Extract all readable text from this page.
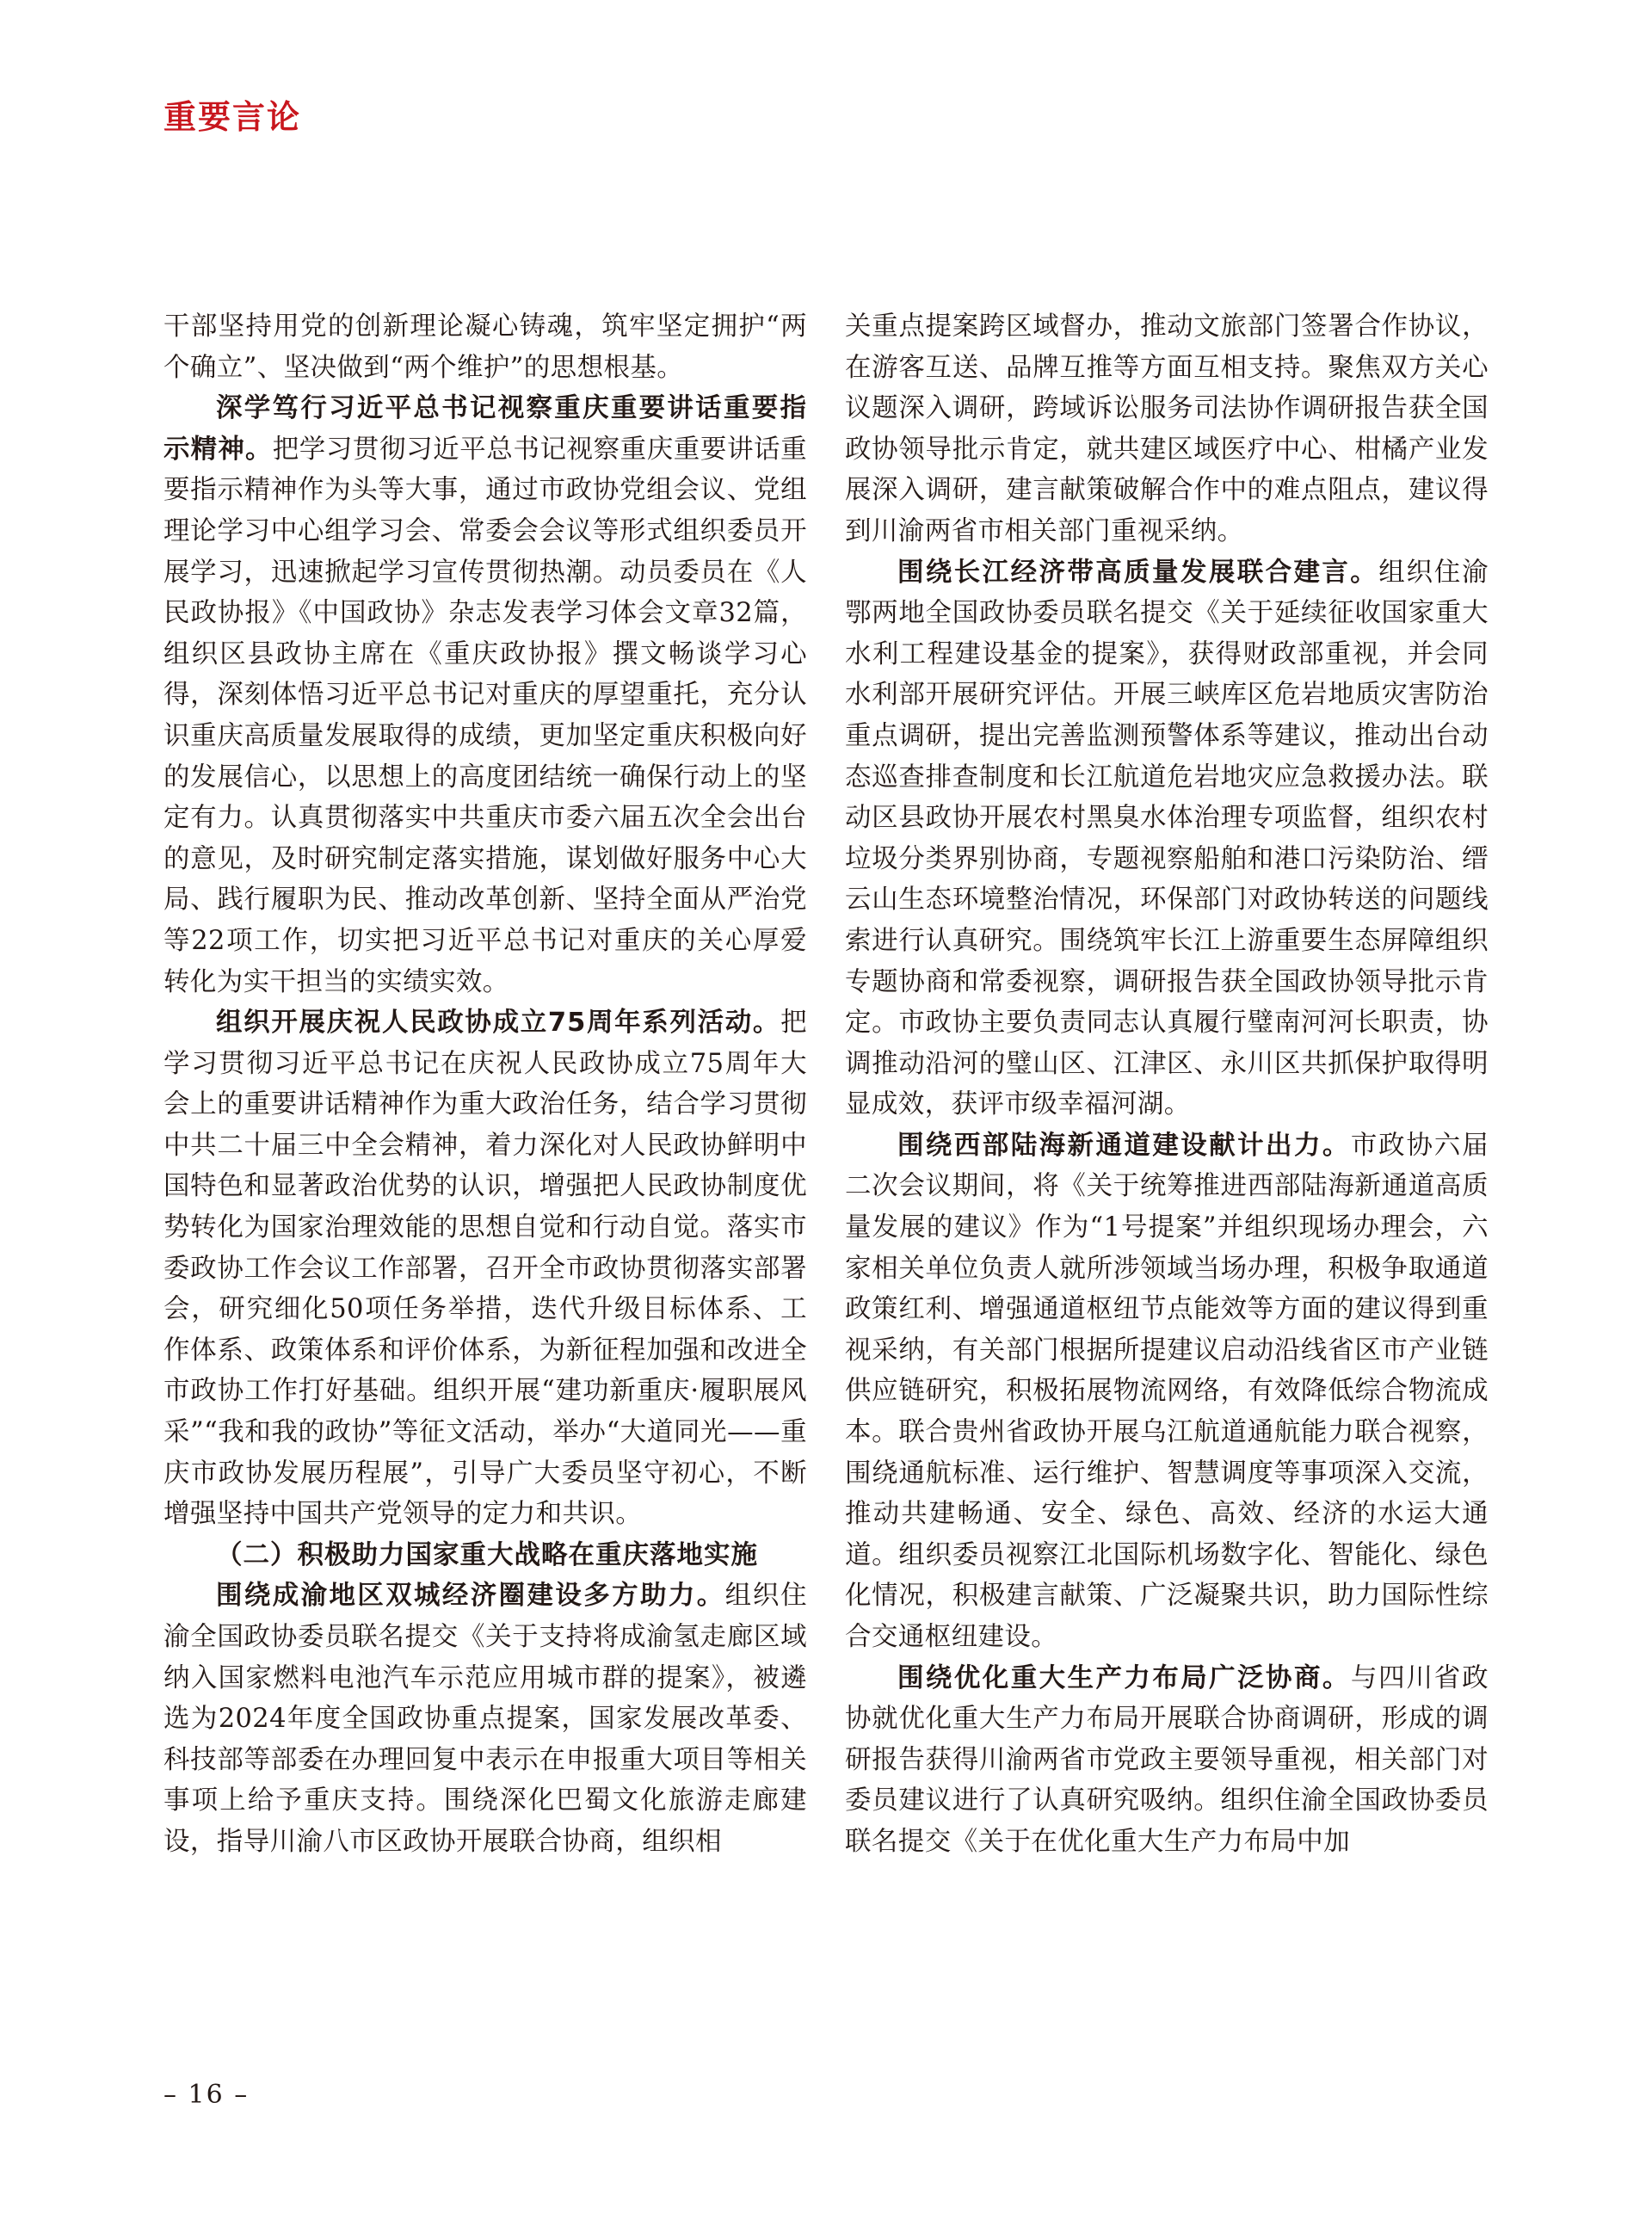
重要言论

干部坚持用党的创新理论凝心铸魂，筑牢坚定拥护“两个确立”、坚决做到“两个维护”的思想根基。

深学笃行习近平总书记视察重庆重要讲话重要指示精神。把学习贯彻习近平总书记视察重庆重要讲话重要指示精神作为头等大事，通过市政协党组会议、党组理论学习中心组学习会、常委会会议等形式组织委员开展学习，迅速掀起学习宣传贯彻热潮。动员委员在《人民政协报》《中国政协》杂志发表学习体会文章32篇，组织区县政协主席在《重庆政协报》撰文畅谈学习心得，深刻体悟习近平总书记对重庆的厚望重托，充分认识重庆高质量发展取得的成绩，更加坚定重庆积极向好的发展信心，以思想上的高度团结统一确保行动上的坚定有力。认真贯彻落实中共重庆市委六届五次全会出台的意见，及时研究制定落实措施，谋划做好服务中心大局、践行履职为民、推动改革创新、坚持全面从严治党等22项工作，切实把习近平总书记对重庆的关心厚爱转化为实干担当的实绩实效。

组织开展庆祝人民政协成立75周年系列活动。把学习贯彻习近平总书记在庆祝人民政协成立75周年大会上的重要讲话精神作为重大政治任务，结合学习贯彻中共二十届三中全会精神，着力深化对人民政协鲜明中国特色和显著政治优势的认识，增强把人民政协制度优势转化为国家治理效能的思想自觉和行动自觉。落实市委政协工作会议工作部署，召开全市政协贯彻落实部署会，研究细化50项任务举措，迭代升级目标体系、工作体系、政策体系和评价体系，为新征程加强和改进全市政协工作打好基础。组织开展“建功新重庆·履职展风采”“我和我的政协”等征文活动，举办“大道同光——重庆市政协发展历程展”，引导广大委员坚守初心，不断增强坚持中国共产党领导的定力和共识。

（二）积极助力国家重大战略在重庆落地实施

围绕成渝地区双城经济圈建设多方助力。组织住渝全国政协委员联名提交《关于支持将成渝氢走廊区域纳入国家燃料电池汽车示范应用城市群的提案》，被遴选为2024年度全国政协重点提案，国家发展改革委、科技部等部委在办理回复中表示在申报重大项目等相关事项上给予重庆支持。围绕深化巴蜀文化旅游走廊建设，指导川渝八市区政协开展联合协商，组织相

关重点提案跨区域督办，推动文旅部门签署合作协议，在游客互送、品牌互推等方面互相支持。聚焦双方关心议题深入调研，跨域诉讼服务司法协作调研报告获全国政协领导批示肯定，就共建区域医疗中心、柑橘产业发展深入调研，建言献策破解合作中的难点阻点，建议得到川渝两省市相关部门重视采纳。

围绕长江经济带高质量发展联合建言。组织住渝鄂两地全国政协委员联名提交《关于延续征收国家重大水利工程建设基金的提案》，获得财政部重视，并会同水利部开展研究评估。开展三峡库区危岩地质灾害防治重点调研，提出完善监测预警体系等建议，推动出台动态巡查排查制度和长江航道危岩地灾应急救援办法。联动区县政协开展农村黑臭水体治理专项监督，组织农村垃圾分类界别协商，专题视察船舶和港口污染防治、缙云山生态环境整治情况，环保部门对政协转送的问题线索进行认真研究。围绕筑牢长江上游重要生态屏障组织专题协商和常委视察，调研报告获全国政协领导批示肯定。市政协主要负责同志认真履行璧南河河长职责，协调推动沿河的璧山区、江津区、永川区共抓保护取得明显成效，获评市级幸福河湖。

围绕西部陆海新通道建设献计出力。市政协六届二次会议期间，将《关于统筹推进西部陆海新通道高质量发展的建议》作为“1号提案”并组织现场办理会，六家相关单位负责人就所涉领域当场办理，积极争取通道政策红利、增强通道枢纽节点能效等方面的建议得到重视采纳，有关部门根据所提建议启动沿线省区市产业链供应链研究，积极拓展物流网络，有效降低综合物流成本。联合贵州省政协开展乌江航道通航能力联合视察，围绕通航标准、运行维护、智慧调度等事项深入交流，推动共建畅通、安全、绿色、高效、经济的水运大通道。组织委员视察江北国际机场数字化、智能化、绿色化情况，积极建言献策、广泛凝聚共识，助力国际性综合交通枢纽建设。

围绕优化重大生产力布局广泛协商。与四川省政协就优化重大生产力布局开展联合协商调研，形成的调研报告获得川渝两省市党政主要领导重视，相关部门对委员建议进行了认真研究吸纳。组织住渝全国政协委员联名提交《关于在优化重大生产力布局中加

– 16 –
